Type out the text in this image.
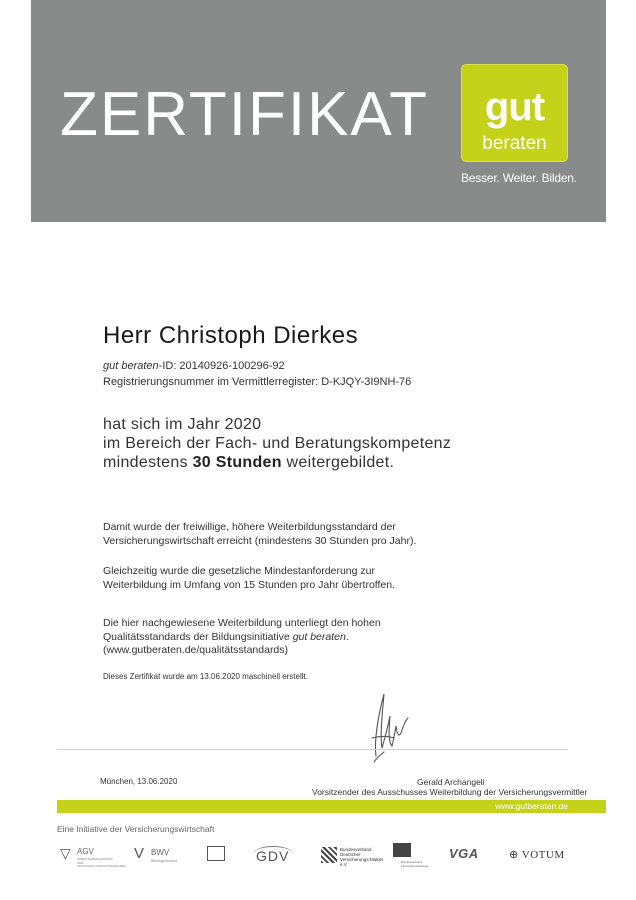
ZERTIFIKAT	gut
beraten
Besser. Weiter. Bilden.
Herr Christoph Dierkes
gut beraten-ID: 20140926-100296-92
Registrierungsnummer im Vermittlerregister: D-KJQY-3I9NH-76
hat sich im Jahr 2020
im Bereich der Fach- und Beratungskompetenz
mindestens 30 Stunden weitergebildet.
Damit wurde der freiwillige, höhere Weiterbildungsstandard der
Versicherungswirtschaft erreicht (mindestens 30 Stunden pro Jahr).
Gleichzeitig wurde die gesetzliche Mindestanforderung zur
Weiterbildung im Umfang von 15 Stunden pro Jahr übertroffen.
Die hier nachgewiesene Weiterbildung unterliegt den hohen
Qualitätsstandards der Bildungsinitiative gut beraten.
(www.gutberaten.de/qualitätsstandards)
Dieses Zertifikat wurde am 13.06.2020 maschinell erstellt.
München, 13.06.2020	Gerald Archangeli
Vorsitzender des Ausschusses Weiterbildung der Versicherungsvermittler
www.gutberaten.de
Eine Initiative der Versicherungswirtschaft
▽ AGV
ARBEITGEBERVERBAND DER VERSICHERUNGSUNTERNEHMEN
V BWV
Bildungsverband	GDV	Bundesverband Deutscher Versicherungs-Makler e.V.	Bundesverband Finanzdienstleistung
VGA	⊕ VOTUM
